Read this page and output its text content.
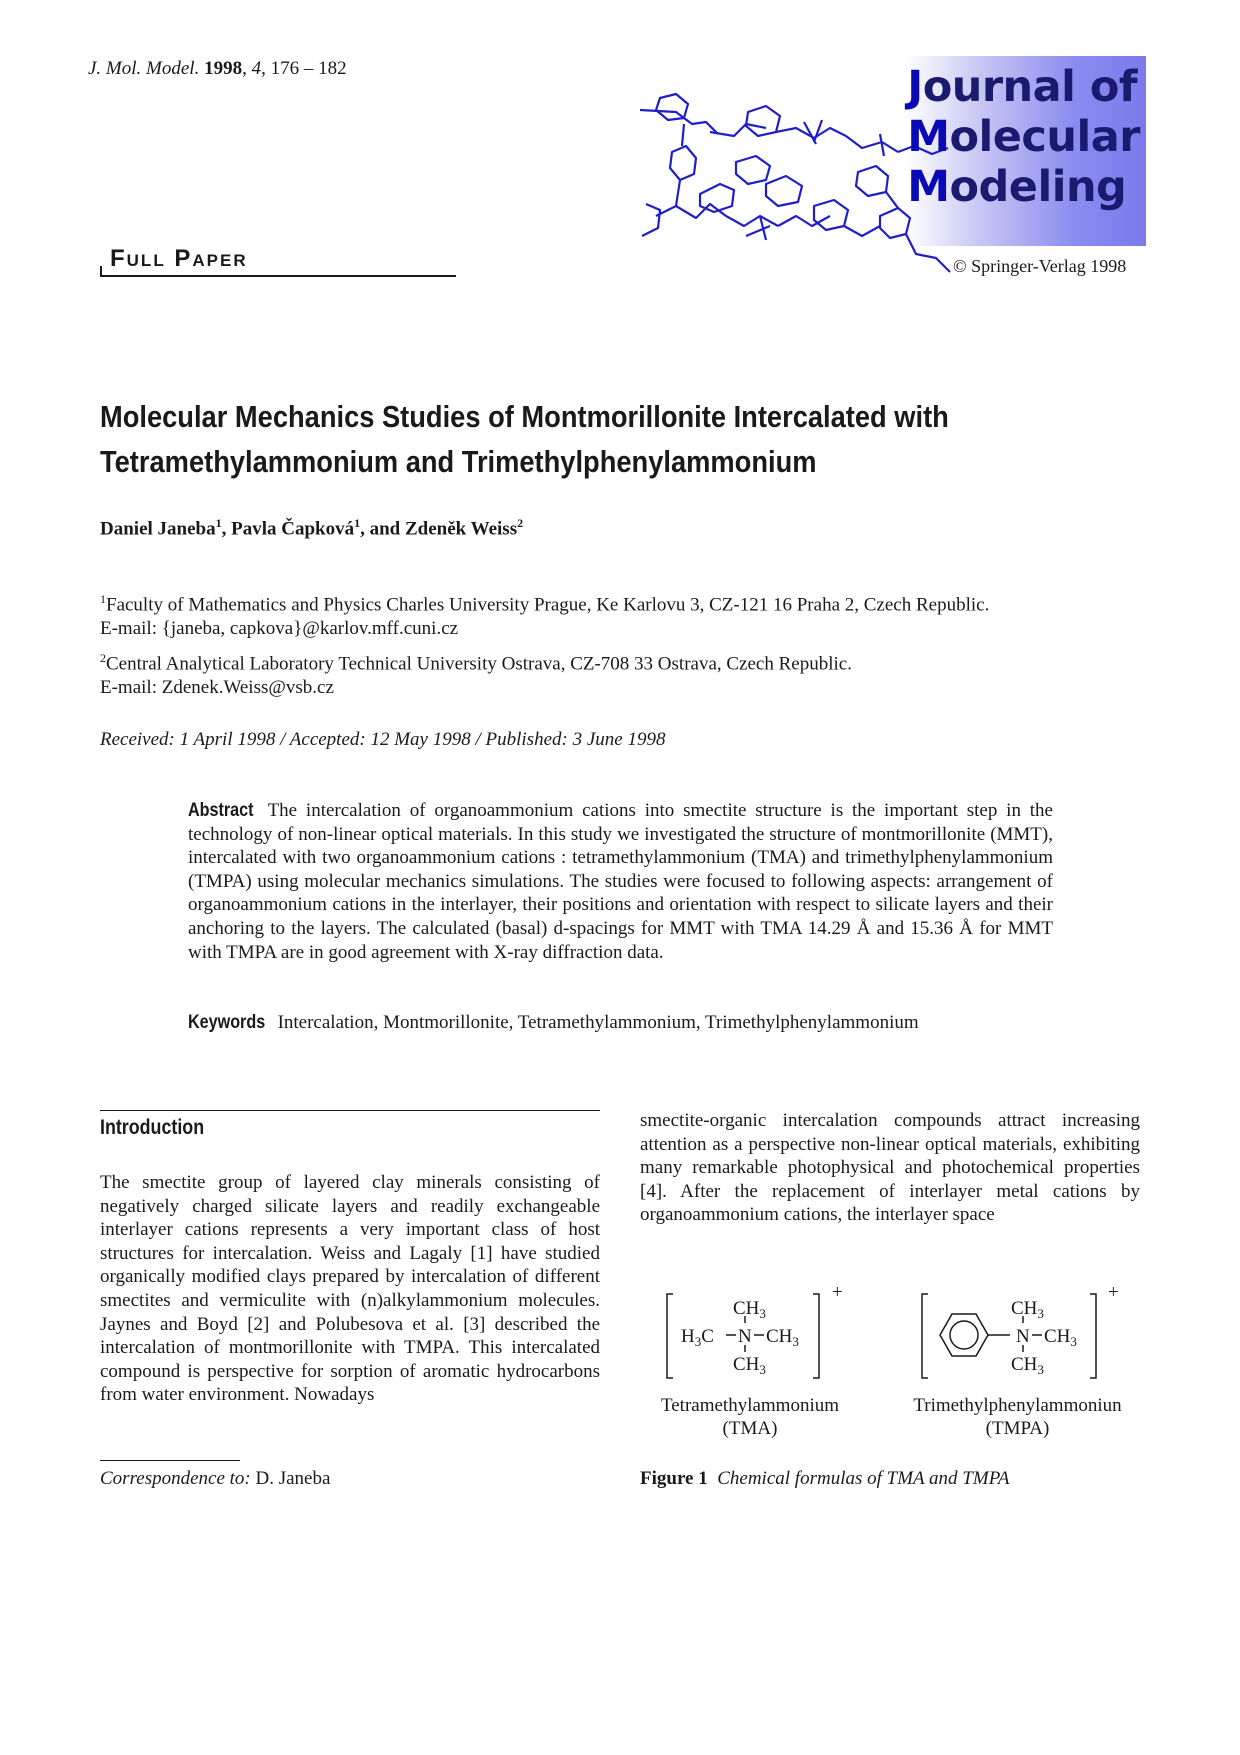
J. Mol. Model. 1998, 4, 176 – 182	Journal of
Molecular
Modeling
© Springer-Verlag 1998
Full Paper
Molecular Mechanics Studies of Montmorillonite Intercalated with
Tetramethylammonium and Trimethylphenylammonium
Daniel Janeba$^1$, Pavla Čapková$^1$, and Zdeněk Weiss$^2$
$^1$Faculty of Mathematics and Physics Charles University Prague, Ke Karlovu 3, CZ-121 16 Praha 2, Czech Republic.
E-mail: {janeba, capkova}@karlov.mff.cuni.cz
$^2$Central Analytical Laboratory Technical University Ostrava, CZ-708 33 Ostrava, Czech Republic.
E-mail: Zdenek.Weiss@vsb.cz
Received: 1 April 1998 / Accepted: 12 May 1998 / Published: 3 June 1998
Abstract The intercalation of organoammonium cations into smectite structure is the important step in the technology of non-linear optical materials. In this study we investigated the structure of montmorillonite (MMT), intercalated with two organoammonium cations : tetramethylammonium (TMA) and trimethylphenylammonium (TMPA) using molecular mechanics simulations. The studies were focused to following aspects: arrangement of organoammonium cations in the interlayer, their positions and orientation with respect to silicate layers and their anchoring to the layers. The calculated (basal) d-spacings for MMT with TMA 14.29 Å and 15.36 Å for MMT with TMPA are in good agreement with X-ray diffraction data.
Keywords Intercalation, Montmorillonite, Tetramethylammonium, Trimethylphenylammonium
Introduction
The smectite group of layered clay minerals consisting of negatively charged silicate layers and readily exchangeable interlayer cations represents a very important class of host structures for intercalation. Weiss and Lagaly [1] have studied organically modified clays prepared by intercalation of different smectites and vermiculite with (n)alkylammonium molecules. Jaynes and Boyd [2] and Polubesova et al. [3] described the intercalation of montmorillonite with TMPA. This intercalated compound is perspective for sorption of aromatic hydrocarbons from water environment. Nowadays
Correspondence to: D. Janeba
smectite-organic intercalation compounds attract increasing attention as a perspective non-linear optical materials, exhibiting many remarkable photophysical and photochemical properties [4]. After the replacement of interlayer metal cations by organoammonium cations, the interlayer space
+
$CH_3$
$H_3C$ N $CH_3$
$CH_3$
+
$CH_3$
N $CH_3$
$CH_3$
Tetramethylammonium
(TMA)
Trimethylphenylammoniun
(TMPA)
Figure 1 Chemical formulas of TMA and TMPA
